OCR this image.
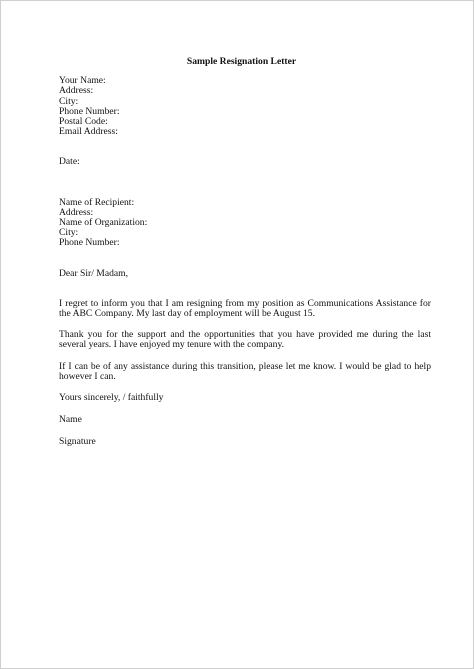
Sample Resignation Letter
Your Name:
Address:
City:
Phone Number:
Postal Code:
Email Address:
Date:
Name of Recipient:
Address:
Name of Organization:
City:
Phone Number:
Dear Sir/ Madam,
I regret to inform you that I am resigning from my position as Communications Assistance for the ABC Company. My last day of employment will be August 15.
Thank you for the support and the opportunities that you have provided me during the last several years. I have enjoyed my tenure with the company.
If I can be of any assistance during this transition, please let me know. I would be glad to help however I can.
Yours sincerely, / faithfully
Name
Signature
